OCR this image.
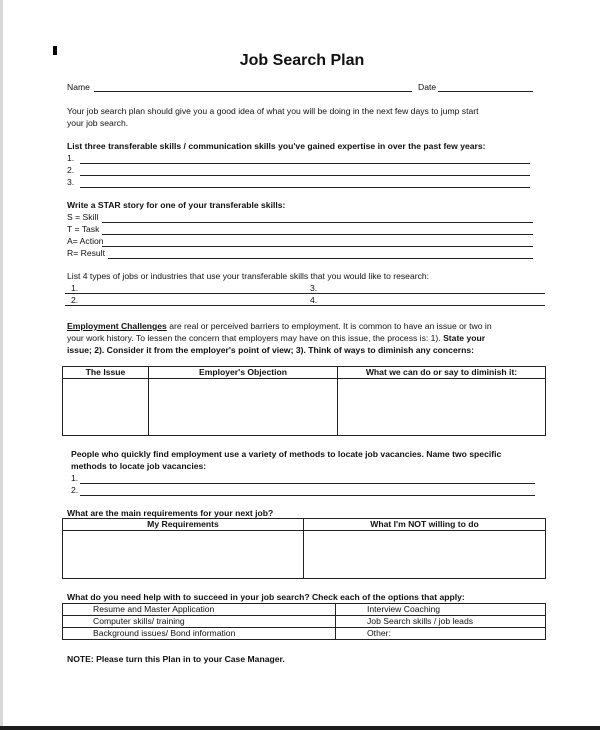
Job Search Plan
Name	Date
Your job search plan should give you a good idea of what you will be doing in the next few days to jump start
your job search.
List three transferable skills / communication skills you've gained expertise in over the past few years:
1.
2.
3.
Write a STAR story for one of your transferable skills:
S = Skill
T = Task
A= Action
R= Result
List 4 types of jobs or industries that use your transferable skills that you would like to research:
1.	3.
2.	4.
Employment Challenges are real or perceived barriers to employment. It is common to have an issue or two in
your work history. To lessen the concern that employers may have on this issue, the process is: 1). State your
issue; 2). Consider it from the employer's point of view; 3). Think of ways to diminish any concerns:
The Issue	Employer's Objection	What we can do or say to diminish it:

People who quickly find employment use a variety of methods to locate job vacancies. Name two specific
methods to locate job vacancies:
1.
2.
What are the main requirements for your next job?
My Requirements	What I'm NOT willing to do

What do you need help with to succeed in your job search? Check each of the options that apply:
Resume and Master Application	Interview Coaching
Computer skills/ training	Job Search skills / job leads
Background issues/ Bond information	Other:
NOTE: Please turn this Plan in to your Case Manager.
